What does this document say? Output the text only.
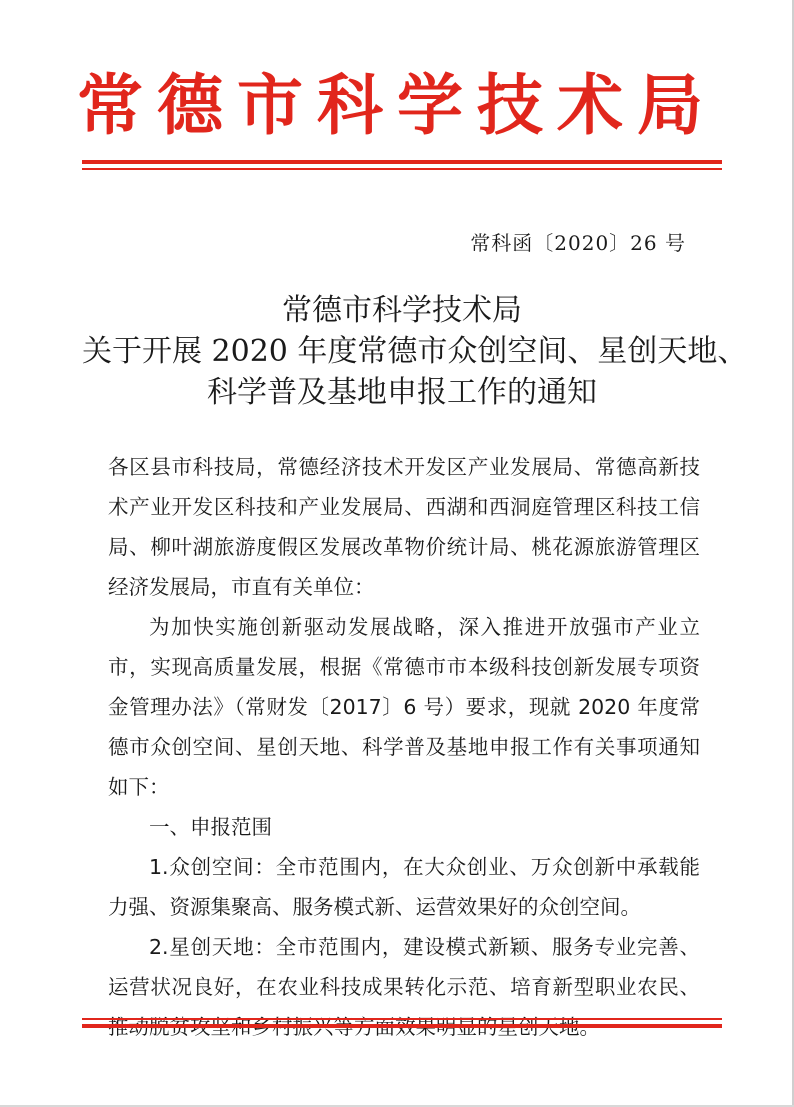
常德市科学技术局
常科函〔2020〕26 号
常德市科学技术局
关于开展 2020 年度常德市众创空间、星创天地、
科学普及基地申报工作的通知

各区县市科技局，常德经济技术开发区产业发展局、常德高新技术产业开发区科技和产业发展局、西湖和西洞庭管理区科技工信局、柳叶湖旅游度假区发展改革物价统计局、桃花源旅游管理区经济发展局，市直有关单位：

为加快实施创新驱动发展战略，深入推进开放强市产业立市，实现高质量发展，根据《常德市市本级科技创新发展专项资金管理办法》（常财发〔2017〕6 号）要求，现就 2020 年度常德市众创空间、星创天地、科学普及基地申报工作有关事项通知如下：

一、申报范围

1.众创空间：全市范围内，在大众创业、万众创新中承载能力强、资源集聚高、服务模式新、运营效果好的众创空间。

2.星创天地：全市范围内，建设模式新颖、服务专业完善、运营状况良好，在农业科技成果转化示范、培育新型职业农民、
